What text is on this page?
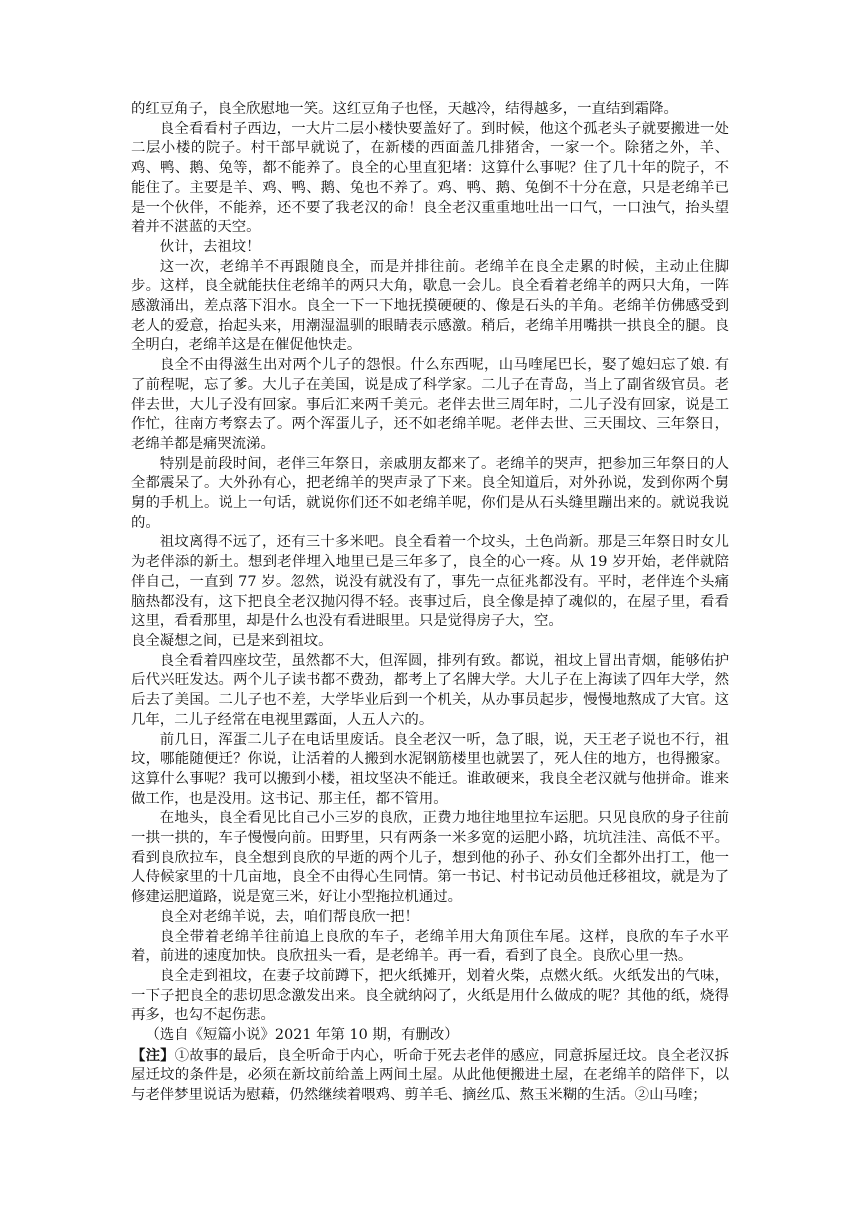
的红豆角子，良全欣慰地一笑。这红豆角子也怪，天越冷，结得越多，一直结到霜降。

良全看看村子西边，一大片二层小楼快要盖好了。到时候，他这个孤老头子就要搬进一处二层小楼的院子。村干部早就说了，在新楼的西面盖几排猪舍，一家一个。除猪之外，羊、鸡、鸭、鹅、兔等，都不能养了。良全的心里直犯堵：这算什么事呢？住了几十年的院子，不能住了。主要是羊、鸡、鸭、鹅、兔也不养了。鸡、鸭、鹅、兔倒不十分在意，只是老绵羊已是一个伙伴，不能养，还不要了我老汉的命！良全老汉重重地吐出一口气，一口浊气，抬头望着并不湛蓝的天空。

伙计，去祖坟！

这一次，老绵羊不再跟随良全，而是并排往前。老绵羊在良全走累的时候，主动止住脚步。这样，良全就能扶住老绵羊的两只大角，歇息一会儿。良全看着老绵羊的两只大角，一阵感激涌出，差点落下泪水。良全一下一下地抚摸硬硬的、像是石头的羊角。老绵羊仿佛感受到老人的爱意，抬起头来，用潮湿温驯的眼睛表示感激。稍后，老绵羊用嘴拱一拱良全的腿。良全明白，老绵羊这是在催促他快走。

良全不由得滋生出对两个儿子的怨恨。什么东西呢，山马喹尾巴长，娶了媳妇忘了娘. 有了前程呢，忘了爹。大儿子在美国，说是成了科学家。二儿子在青岛，当上了副省级官员。老伴去世，大儿子没有回家。事后汇来两千美元。老伴去世三周年时，二儿子没有回家，说是工作忙，往南方考察去了。两个浑蛋儿子，还不如老绵羊呢。老伴去世、三天围坟、三年祭日，老绵羊都是痛哭流涕。

特别是前段时间，老伴三年祭日，亲戚朋友都来了。老绵羊的哭声，把参加三年祭日的人全都震呆了。大外孙有心，把老绵羊的哭声录了下来。良全知道后，对外孙说，发到你两个舅舅的手机上。说上一句话，就说你们还不如老绵羊呢，你们是从石头缝里蹦出来的。就说我说的。

祖坟离得不远了，还有三十多米吧。良全看着一个坟头，土色尚新。那是三年祭日时女儿为老伴添的新土。想到老伴埋入地里已是三年多了，良全的心一疼。从 19 岁开始，老伴就陪伴自己，一直到 77 岁。忽然，说没有就没有了，事先一点征兆都没有。平时，老伴连个头痛脑热都没有，这下把良全老汉抛闪得不轻。丧事过后，良全像是掉了魂似的，在屋子里，看看这里，看看那里，却是什么也没有看进眼里。只是觉得房子大，空。

良全凝想之间，已是来到祖坟。

良全看着四座坟茔，虽然都不大，但浑圆，排列有致。都说，祖坟上冒出青烟，能够佑护后代兴旺发达。两个儿子读书都不费劲，都考上了名牌大学。大儿子在上海读了四年大学，然后去了美国。二儿子也不差，大学毕业后到一个机关，从办事员起步，慢慢地熬成了大官。这几年，二儿子经常在电视里露面，人五人六的。

前几日，浑蛋二儿子在电话里废话。良全老汉一听，急了眼，说，天王老子说也不行，祖坟，哪能随便迁？你说，让活着的人搬到水泥钢筋楼里也就罢了，死人住的地方，也得搬家。这算什么事呢？我可以搬到小楼，祖坟坚决不能迁。谁敢硬来，我良全老汉就与他拼命。谁来做工作，也是没用。这书记、那主任，都不管用。

在地头，良全看见比自己小三岁的良欣，正费力地往地里拉车运肥。只见良欣的身子往前一拱一拱的，车子慢慢向前。田野里，只有两条一米多宽的运肥小路，坑坑洼洼、高低不平。看到良欣拉车，良全想到良欣的早逝的两个儿子，想到他的孙子、孙女们全都外出打工，他一人侍候家里的十几亩地，良全不由得心生同情。第一书记、村书记动员他迁移祖坟，就是为了修建运肥道路，说是宽三米，好让小型拖拉机通过。

良全对老绵羊说，去，咱们帮良欣一把！

良全带着老绵羊往前追上良欣的车子，老绵羊用大角顶住车尾。这样，良欣的车子水平着，前进的速度加快。良欣扭头一看，是老绵羊。再一看，看到了良全。良欣心里一热。

良全走到祖坟，在妻子坟前蹲下，把火纸摊开，划着火柴，点燃火纸。火纸发出的气味，一下子把良全的悲切思念激发出来。良全就纳闷了，火纸是用什么做成的呢？其他的纸，烧得再多，也勾不起伤悲。

（选自《短篇小说》2021 年第 10 期，有删改）

【注】①故事的最后，良全听命于内心，听命于死去老伴的感应，同意拆屋迁坟。良全老汉拆屋迁坟的条件是，必须在新坟前给盖上两间土屋。从此他便搬进土屋，在老绵羊的陪伴下，以与老伴梦里说话为慰藉，仍然继续着喂鸡、剪羊毛、摘丝瓜、熬玉米糊的生活。②山马喹；
